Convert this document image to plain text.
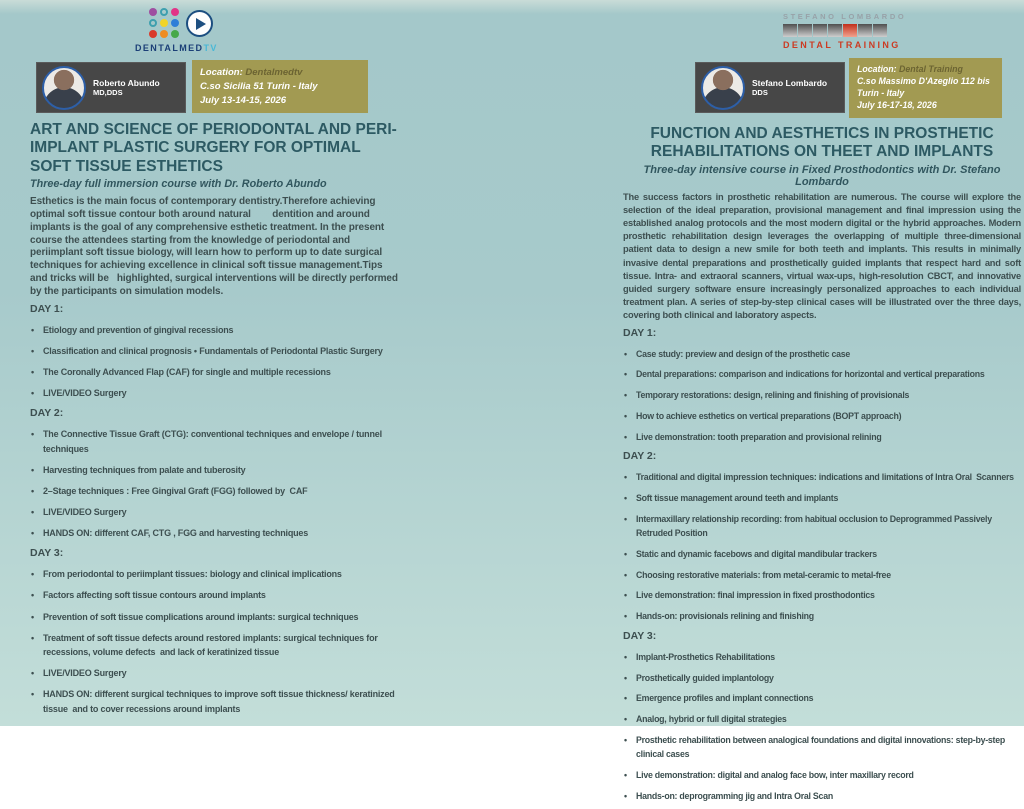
DENTALMEDTV
STEFANO LOMBARDO
DENTAL TRAINING
Roberto Abundo
MD,DDS
Location: Dentalmedtv
C.so Sicilia 51 Turin - Italy
July 13-14-15, 2026
Stefano Lombardo
DDS
Location: Dental Training
C.so Massimo D'Azeglio 112 bis
Turin - Italy
July 16-17-18, 2026
ART AND SCIENCE OF PERIODONTAL AND PERI-IMPLANT PLASTIC SURGERY FOR OPTIMAL SOFT TISSUE ESTHETICS
Three-day full immersion course with Dr. Roberto Abundo
Esthetics is the main focus of contemporary dentistry.Therefore achieving optimal soft tissue contour both around natural        dentition and around implants is the goal of any comprehensive esthetic treatment. In the present course the attendees starting from the knowledge of periodontal and periimplant soft tissue biology, will learn how to perform up to date surgical techniques for achieving excellence in clinical soft tissue management.Tips and tricks will be   highlighted, surgical interventions will be directly performed by the participants on simulation models.
DAY 1:
• Etiology and prevention of gingival recessions
• Classification and clinical prognosis • Fundamentals of Periodontal Plastic Surgery
• The Coronally Advanced Flap (CAF) for single and multiple recessions
• LIVE/VIDEO Surgery
DAY 2:
• The Connective Tissue Graft (CTG): conventional techniques and envelope / tunnel techniques
• Harvesting techniques from palate and tuberosity
• 2–Stage techniques : Free Gingival Graft (FGG) followed by  CAF
• LIVE/VIDEO Surgery
• HANDS ON: different CAF, CTG , FGG and harvesting techniques
DAY 3:
• From periodontal to periimplant tissues: biology and clinical implications
• Factors affecting soft tissue contours around implants
• Prevention of soft tissue complications around implants: surgical techniques
• Treatment of soft tissue defects around restored implants: surgical techniques for recessions, volume defects  and lack of keratinized tissue
• LIVE/VIDEO Surgery
• HANDS ON: different surgical techniques to improve soft tissue thickness/ keratinized tissue  and to cover recessions around implants
FUNCTION AND AESTHETICS IN PROSTHETIC REHABILITATIONS ON THEET AND IMPLANTS
Three-day intensive course in Fixed Prosthodontics with Dr. Stefano Lombardo
The success factors in prosthetic rehabilitation are numerous. The course will explore the selection of the ideal preparation, provisional management and final impression using the established analog protocols and the most modern digital or the hybrid approaches. Modern prosthetic rehabilitation design leverages the overlapping of multiple three-dimensional patient data to design a new smile for both teeth and implants. This results in minimally invasive dental preparations and prosthetically guided implants that respect hard and soft tissue. Intra- and extraoral scanners, virtual wax-ups, high-resolution CBCT, and innovative guided surgery software ensure increasingly personalized approaches to each individual treatment plan. A series of step-by-step clinical cases will be illustrated over the three days, covering both clinical and laboratory aspects.
DAY 1:
• Case study: preview and design of the prosthetic case
• Dental preparations: comparison and indications for horizontal and vertical preparations
• Temporary restorations: design, relining and finishing of provisionals
• How to achieve esthetics on vertical preparations (BOPT approach)
• Live demonstration: tooth preparation and provisional relining
DAY 2:
• Traditional and digital impression techniques: indications and limitations of Intra Oral  Scanners
• Soft tissue management around teeth and implants
• Intermaxillary relationship recording: from habitual occlusion to Deprogrammed Passively Retruded Position
• Static and dynamic facebows and digital mandibular trackers
• Choosing restorative materials: from metal-ceramic to metal-free
• Live demonstration: final impression in fixed prosthodontics
• Hands-on: provisionals relining and finishing
DAY 3:
• Implant-Prosthetics Rehabilitations
• Prosthetically guided implantology
• Emergence profiles and implant connections
• Analog, hybrid or full digital strategies
• Prosthetic rehabilitation between analogical foundations and digital innovations: step-by-step clinical cases
• Live demonstration: digital and analog face bow, inter maxillary record
• Hands-on: deprogramming jig and Intra Oral Scan
